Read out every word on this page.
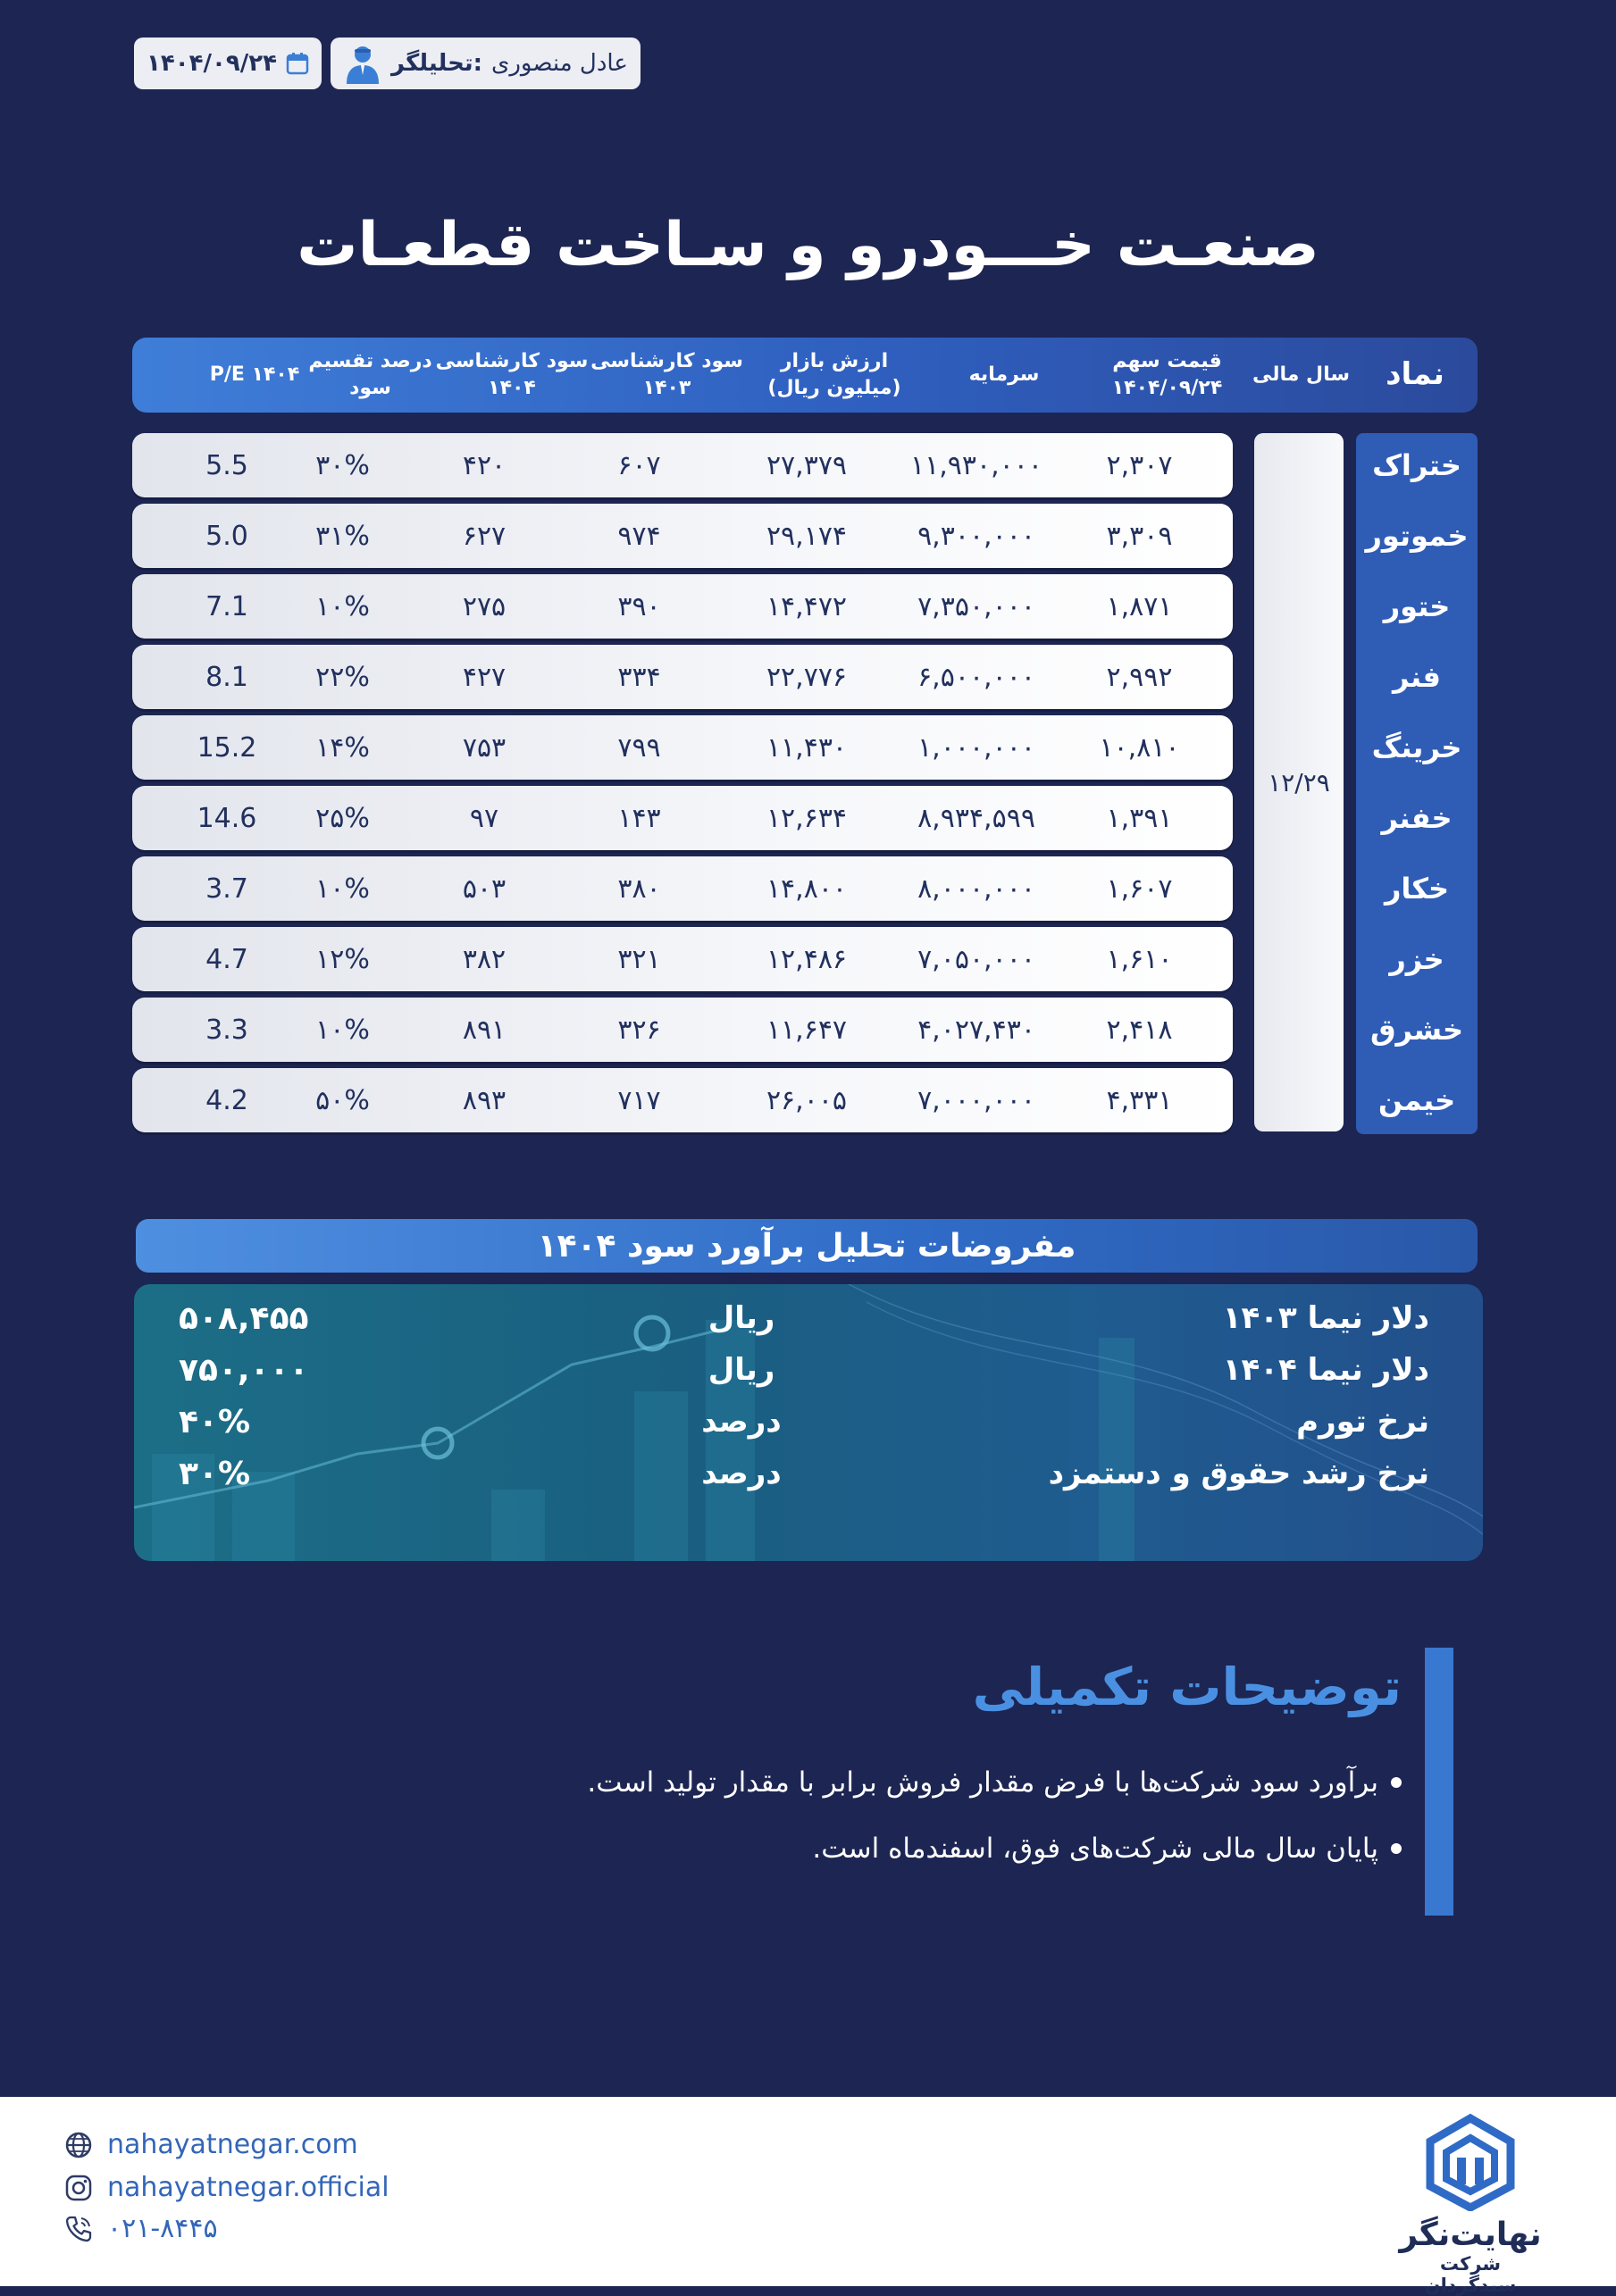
تحلیلگر: عادل منصوری
۱۴۰۴/۰۹/۲۴
صنعـت خـــودرو و سـاخت قطعـات
نماد
سال مالی
قیمت سهم
۱۴۰۴/۰۹/۲۴
سرمایه
ارزش بازار
(میلیون ریال)
سود کارشناسی
۱۴۰۳
سود کارشناسی
۱۴۰۴
درصد تقسیم
سود
P/E ۱۴۰۴
ختراک
خموتور
ختور
فنر
خرینگ
خفنر
خکار
خزر
خشرق
خیمن
۱۲/۲۹
۲,۳۰۷
۱۱,۹۳۰,۰۰۰
۲۷,۳۷۹
۶۰۷
۴۲۰
۳۰%
5.5
۳,۳۰۹
۹,۳۰۰,۰۰۰
۲۹,۱۷۴
۹۷۴
۶۲۷
۳۱%
5.0
۱,۸۷۱
۷,۳۵۰,۰۰۰
۱۴,۴۷۲
۳۹۰
۲۷۵
۱۰%
7.1
۲,۹۹۲
۶,۵۰۰,۰۰۰
۲۲,۷۷۶
۳۳۴
۴۲۷
۲۲%
8.1
۱۰,۸۱۰
۱,۰۰۰,۰۰۰
۱۱,۴۳۰
۷۹۹
۷۵۳
۱۴%
15.2
۱,۳۹۱
۸,۹۳۴,۵۹۹
۱۲,۶۳۴
۱۴۳
۹۷
۲۵%
14.6
۱,۶۰۷
۸,۰۰۰,۰۰۰
۱۴,۸۰۰
۳۸۰
۵۰۳
۱۰%
3.7
۱,۶۱۰
۷,۰۵۰,۰۰۰
۱۲,۴۸۶
۳۲۱
۳۸۲
۱۲%
4.7
۲,۴۱۸
۴,۰۲۷,۴۳۰
۱۱,۶۴۷
۳۲۶
۸۹۱
۱۰%
3.3
۴,۳۳۱
۷,۰۰۰,۰۰۰
۲۶,۰۰۵
۷۱۷
۸۹۳
۵۰%
4.2
مفروضات تحلیل برآورد سود ۱۴۰۴
دلار نیما ۱۴۰۳
ریال
۵۰۸,۴۵۵
دلار نیما ۱۴۰۴
ریال
۷۵۰,۰۰۰
نرخ تورم
درصد
۴۰%
نرخ رشد حقوق و دستمزد
درصد
۳۰%
توضیحات تکمیلی
برآورد سود شرکت‌ها با فرض مقدار فروش برابر با مقدار تولید است.
پایان سال مالی شرکت‌های فوق، اسفندماه است.
nahayatnegar.com
nahayatnegar.official
۰۲۱-۸۴۴۵	نهایت‌نگر
شرکت سبدگردان
